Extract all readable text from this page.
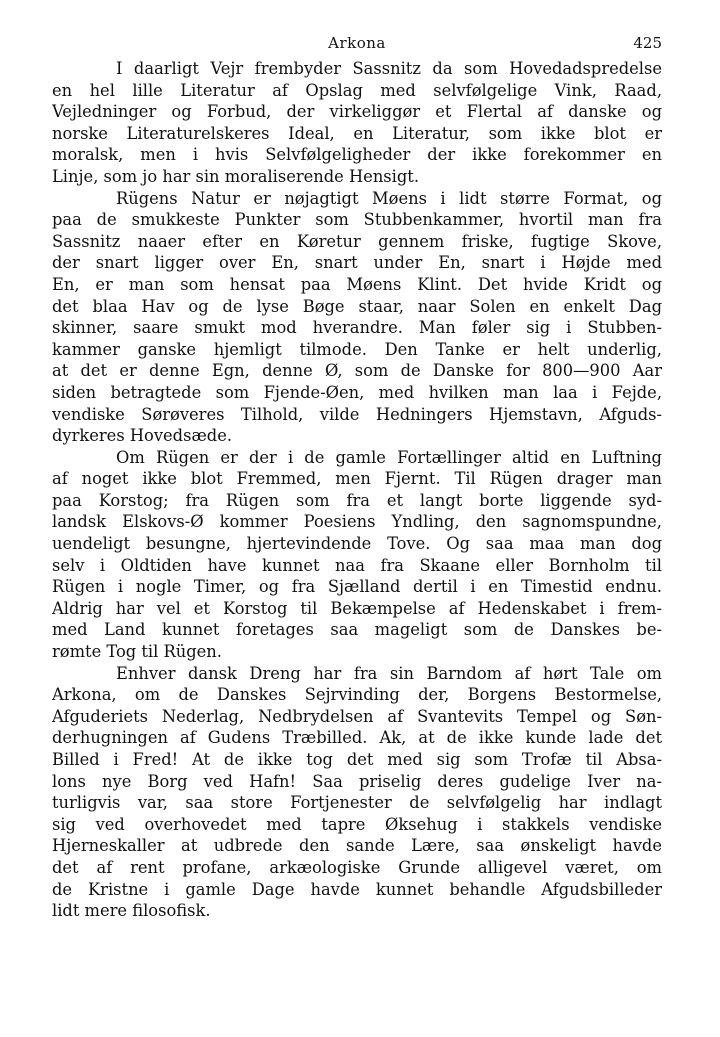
Arkona	425
I daarligt Vejr frembyder Sassnitz da som Hovedadspredelse
en hel lille Literatur af Opslag med selvfølgelige Vink, Raad,
Vejledninger og Forbud, der virkeliggør et Flertal af danske og
norske Literaturelskeres Ideal, en Literatur, som ikke blot er
moralsk, men i hvis Selvfølgeligheder der ikke forekommer en
Linje, som jo har sin moraliserende Hensigt.
Rügens Natur er nøjagtigt Møens i lidt større Format, og
paa de smukkeste Punkter som Stubbenkammer, hvortil man fra
Sassnitz naaer efter en Køretur gennem friske, fugtige Skove,
der snart ligger over En, snart under En, snart i Højde med
En, er man som hensat paa Møens Klint. Det hvide Kridt og
det blaa Hav og de lyse Bøge staar, naar Solen en enkelt Dag
skinner, saare smukt mod hverandre. Man føler sig i Stubben-
kammer ganske hjemligt tilmode. Den Tanke er helt underlig,
at det er denne Egn, denne Ø, som de Danske for 800—900 Aar
siden betragtede som Fjende-Øen, med hvilken man laa i Fejde,
vendiske Sørøveres Tilhold, vilde Hedningers Hjemstavn, Afguds-
dyrkeres Hovedsæde.
Om Rügen er der i de gamle Fortællinger altid en Luftning
af noget ikke blot Fremmed, men Fjernt. Til Rügen drager man
paa Korstog; fra Rügen som fra et langt borte liggende syd-
landsk Elskovs-Ø kommer Poesiens Yndling, den sagnomspundne,
uendeligt besungne, hjertevindende Tove. Og saa maa man dog
selv i Oldtiden have kunnet naa fra Skaane eller Bornholm til
Rügen i nogle Timer, og fra Sjælland dertil i en Timestid endnu.
Aldrig har vel et Korstog til Bekæmpelse af Hedenskabet i frem-
med Land kunnet foretages saa mageligt som de Danskes be-
rømte Tog til Rügen.
Enhver dansk Dreng har fra sin Barndom af hørt Tale om
Arkona, om de Danskes Sejrvinding der, Borgens Bestormelse,
Afguderiets Nederlag, Nedbrydelsen af Svantevits Tempel og Søn-
derhugningen af Gudens Træbilled. Ak, at de ikke kunde lade det
Billed i Fred! At de ikke tog det med sig som Trofæ til Absa-
lons nye Borg ved Hafn! Saa priselig deres gudelige Iver na-
turligvis var, saa store Fortjenester de selvfølgelig har indlagt
sig ved overhovedet med tapre Øksehug i stakkels vendiske
Hjerneskaller at udbrede den sande Lære, saa ønskeligt havde
det af rent profane, arkæologiske Grunde alligevel været, om
de Kristne i gamle Dage havde kunnet behandle Afgudsbilleder
lidt mere filosofisk.
